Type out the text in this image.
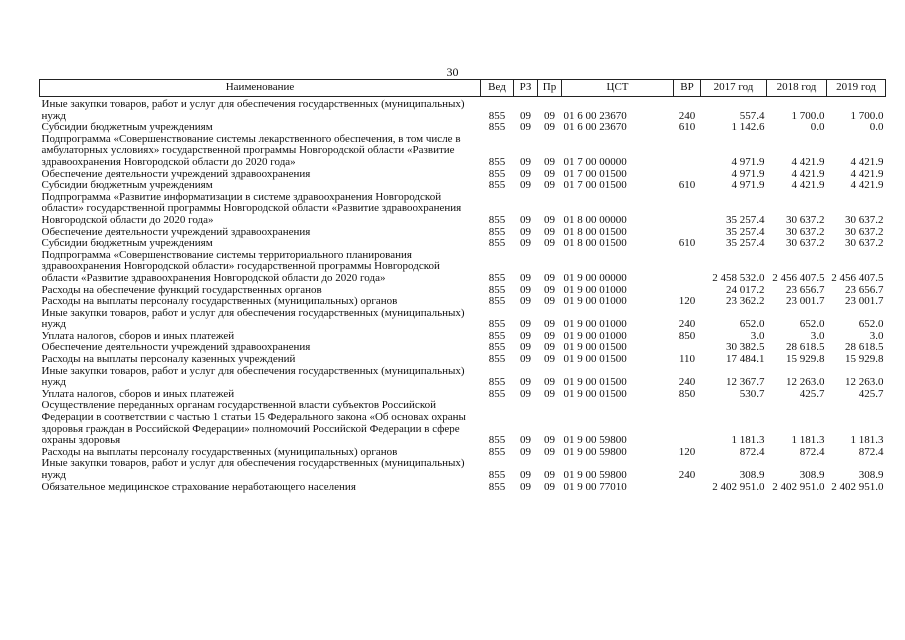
30
Наименование	Вед	РЗ	Пр	ЦСТ	ВР	2017 год	2018 год	2019 год
Иные закупки товаров, работ и услуг для обеспечения государственных (муниципальных) нужд	855	09	09	01 6 00 23670	240	557.4	1 700.0	1 700.0
Субсидии бюджетным учреждениям	855	09	09	01 6 00 23670	610	1 142.6	0.0	0.0
Подпрограмма «Совершенствование системы лекарственного обеспечения, в том числе в амбулаторных условиях» государственной программы Новгородской области «Развитие здравоохранения Новгородской области до 2020 года»	855	09	09	01 7 00 00000		4 971.9	4 421.9	4 421.9
Обеспечение деятельности учреждений здравоохранения	855	09	09	01 7 00 01500		4 971.9	4 421.9	4 421.9
Субсидии бюджетным учреждениям	855	09	09	01 7 00 01500	610	4 971.9	4 421.9	4 421.9
Подпрограмма «Развитие информатизации в системе здравоохранения Новгородской области» государственной программы Новгородской области «Развитие здравоохранения Новгородской области до 2020 года»	855	09	09	01 8 00 00000		35 257.4	30 637.2	30 637.2
Обеспечение деятельности учреждений здравоохранения	855	09	09	01 8 00 01500		35 257.4	30 637.2	30 637.2
Субсидии бюджетным учреждениям	855	09	09	01 8 00 01500	610	35 257.4	30 637.2	30 637.2
Подпрограмма «Совершенствование системы территориального планирования здравоохранения Новгородской области» государственной программы Новгородской области «Развитие здравоохранения Новгородской области до 2020 года»	855	09	09	01 9 00 00000		2 458 532.0	2 456 407.5	2 456 407.5
Расходы на обеспечение функций государственных органов	855	09	09	01 9 00 01000		24 017.2	23 656.7	23 656.7
Расходы на выплаты персоналу государственных (муниципальных) органов	855	09	09	01 9 00 01000	120	23 362.2	23 001.7	23 001.7
Иные закупки товаров, работ и услуг для обеспечения государственных (муниципальных) нужд	855	09	09	01 9 00 01000	240	652.0	652.0	652.0
Уплата налогов, сборов и иных платежей	855	09	09	01 9 00 01000	850	3.0	3.0	3.0
Обеспечение деятельности учреждений здравоохранения	855	09	09	01 9 00 01500		30 382.5	28 618.5	28 618.5
Расходы на выплаты персоналу казенных учреждений	855	09	09	01 9 00 01500	110	17 484.1	15 929.8	15 929.8
Иные закупки товаров, работ и услуг для обеспечения государственных (муниципальных) нужд	855	09	09	01 9 00 01500	240	12 367.7	12 263.0	12 263.0
Уплата налогов, сборов и иных платежей	855	09	09	01 9 00 01500	850	530.7	425.7	425.7
Осуществление переданных органам государственной власти субъектов Российской Федерации в соответствии с частью 1 статьи 15 Федерального закона «Об основах охраны здоровья граждан в Российской Федерации» полномочий Российской Федерации в сфере охраны здоровья	855	09	09	01 9 00 59800		1 181.3	1 181.3	1 181.3
Расходы на выплаты персоналу государственных (муниципальных) органов	855	09	09	01 9 00 59800	120	872.4	872.4	872.4
Иные закупки товаров, работ и услуг для обеспечения государственных (муниципальных) нужд	855	09	09	01 9 00 59800	240	308.9	308.9	308.9
Обязательное медицинское страхование неработающего населения	855	09	09	01 9 00 77010		2 402 951.0	2 402 951.0	2 402 951.0
